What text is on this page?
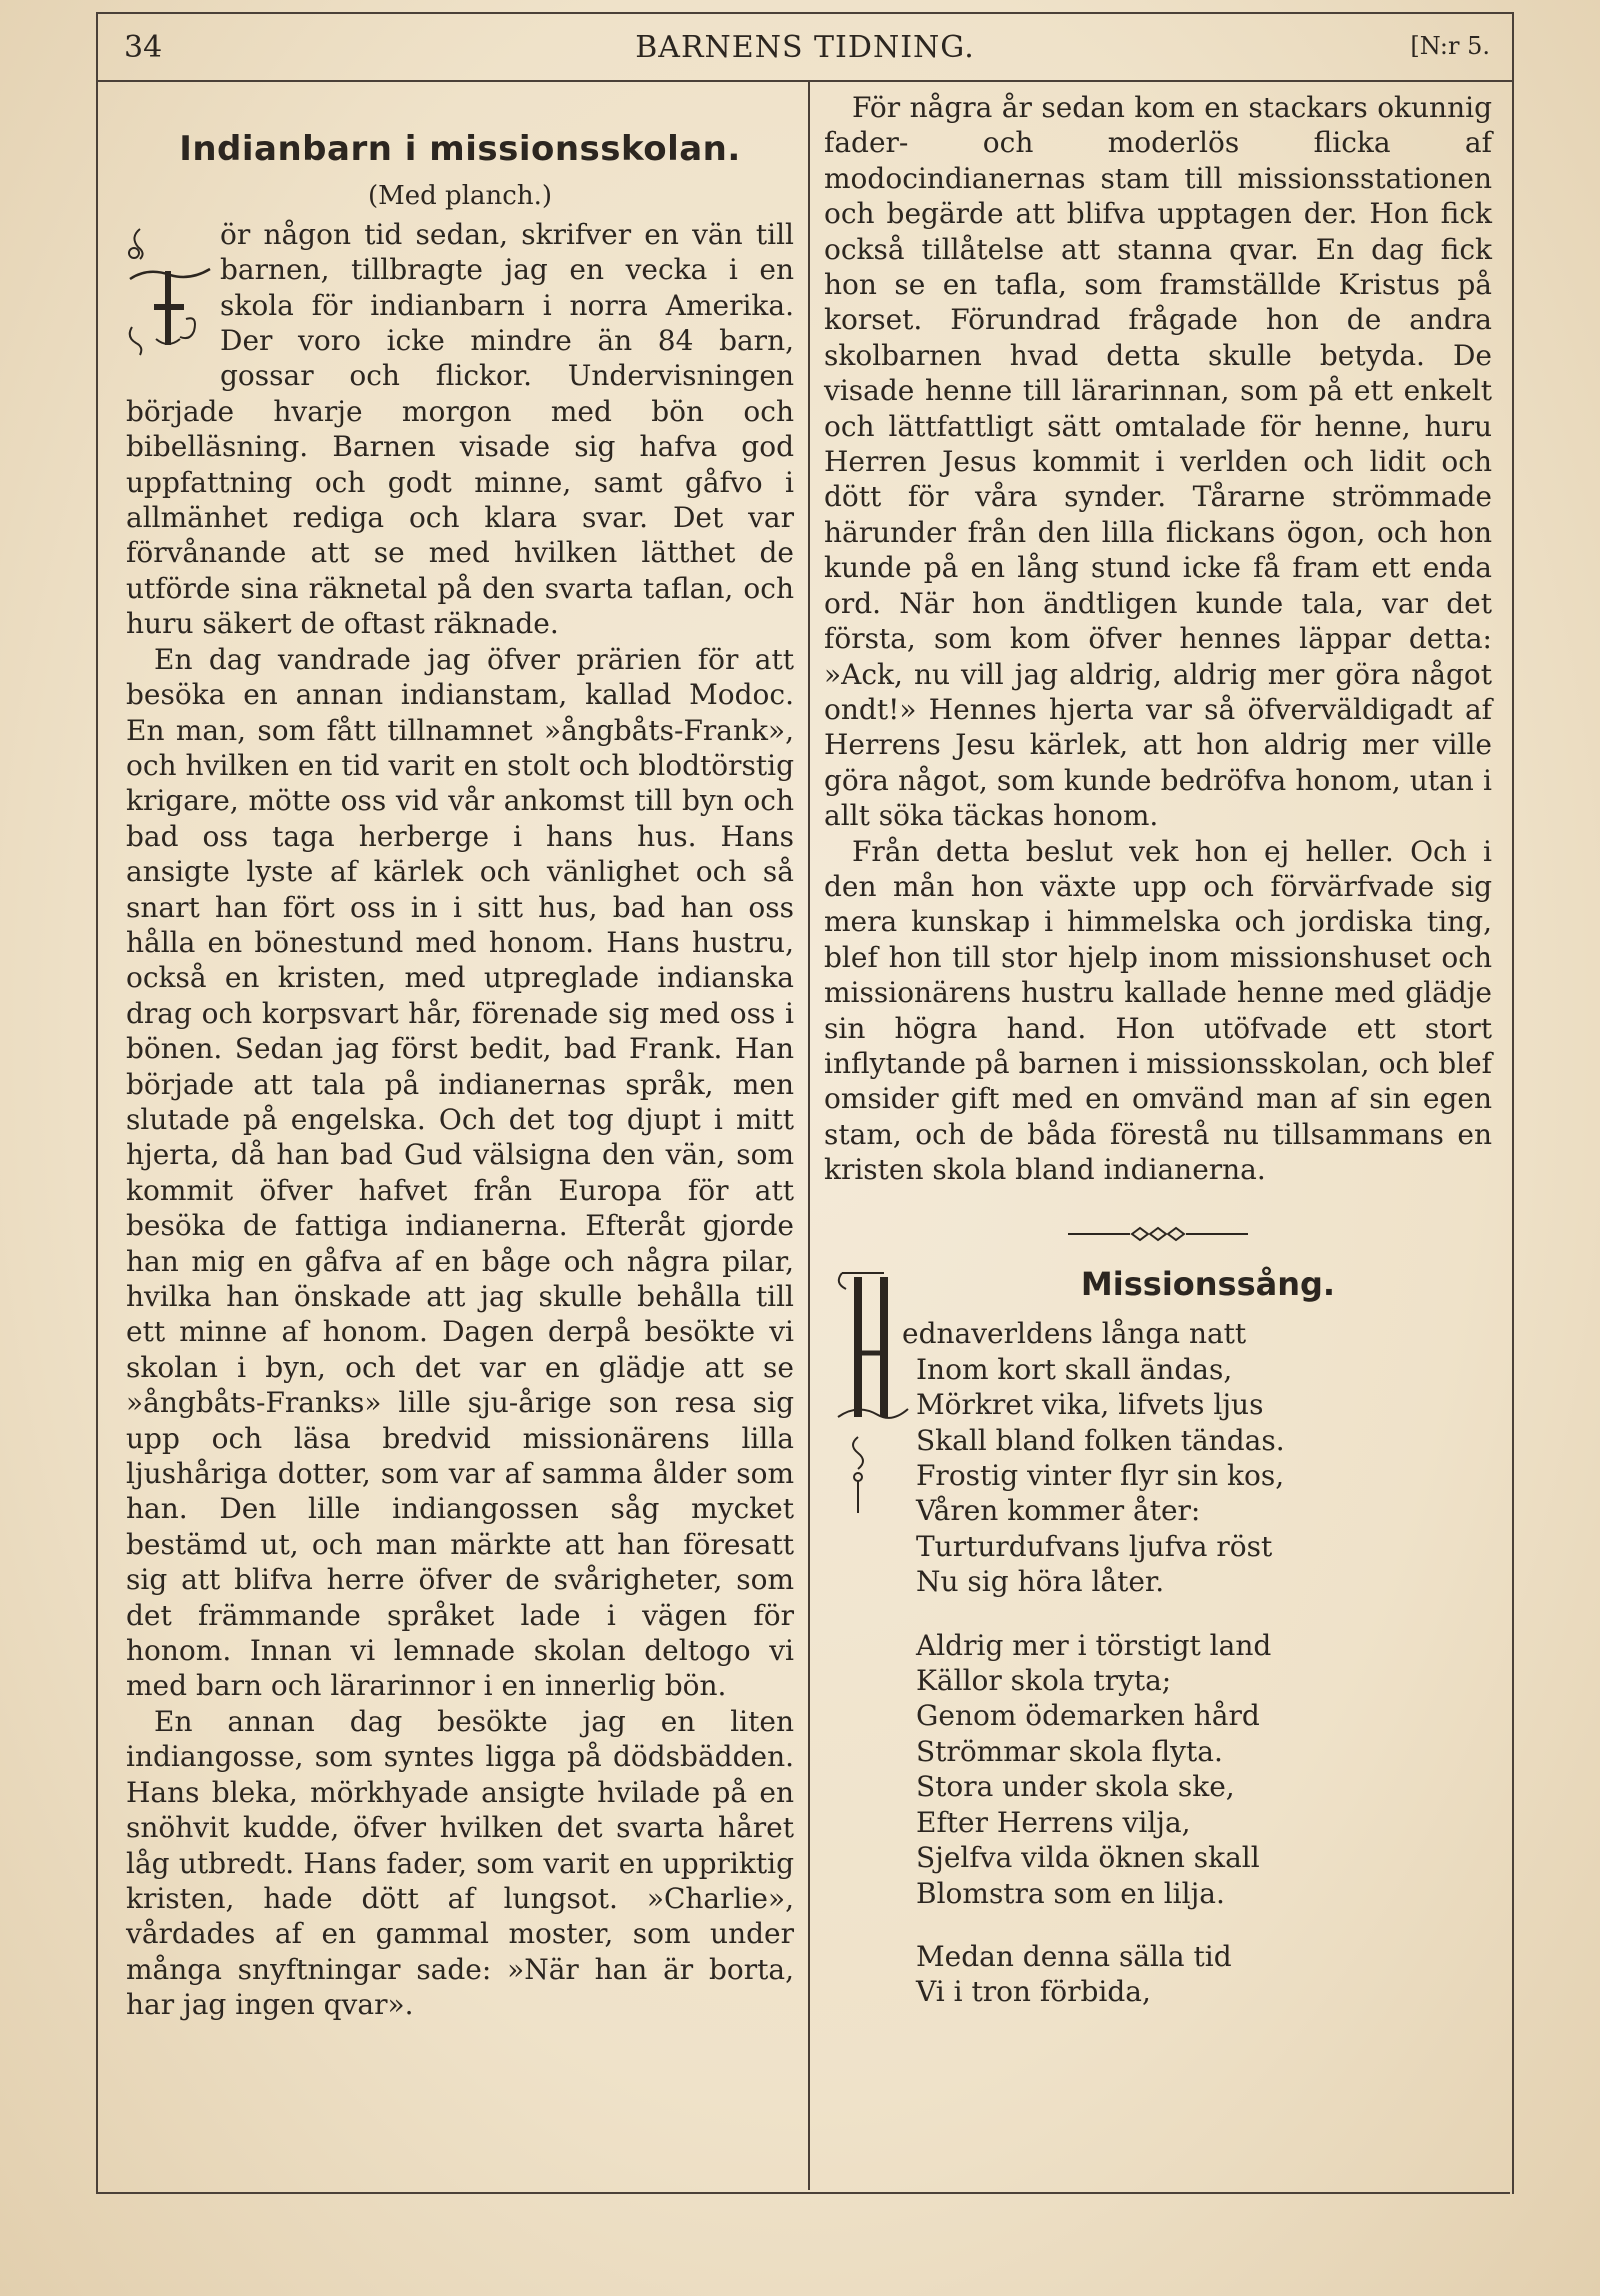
34	BARNENS TIDNING.	[N:r 5.
Indianbarn i missionsskolan.
(Med planch.)

ör någon tid sedan, skrifver en vän till barnen, tillbragte jag en vecka i en skola för indianbarn i norra Amerika. Der voro icke mindre än 84 barn, gossar och flickor. Undervisningen började hvarje morgon med bön och bibelläsning. Barnen visade sig hafva god uppfattning och godt minne, samt gåfvo i allmänhet rediga och klara svar. Det var förvånande att se med hvilken lätthet de utförde sina räknetal på den svarta taflan, och huru säkert de oftast räknade.

En dag vandrade jag öfver prärien för att besöka en annan indianstam, kallad Modoc. En man, som fått tillnamnet »ångbåts-Frank», och hvilken en tid varit en stolt och blodtörstig krigare, mötte oss vid vår ankomst till byn och bad oss taga herberge i hans hus. Hans ansigte lyste af kärlek och vänlighet och så snart han fört oss in i sitt hus, bad han oss hålla en bönestund med honom. Hans hustru, också en kristen, med utpreglade indianska drag och korpsvart hår, förenade sig med oss i bönen. Sedan jag först bedit, bad Frank. Han började att tala på indianernas språk, men slutade på engelska. Och det tog djupt i mitt hjerta, då han bad Gud välsigna den vän, som kommit öfver hafvet från Europa för att besöka de fattiga indianerna. Efteråt gjorde han mig en gåfva af en båge och några pilar, hvilka han önskade att jag skulle behålla till ett minne af honom. Dagen derpå besökte vi skolan i byn, och det var en glädje att se »ångbåts-Franks» lille sju-årige son resa sig upp och läsa bredvid missionärens lilla ljushåriga dotter, som var af samma ålder som han. Den lille indiangossen såg mycket bestämd ut, och man märkte att han föresatt sig att blifva herre öfver de svårigheter, som det främmande språket lade i vägen för honom. Innan vi lemnade skolan deltogo vi med barn och lärarinnor i en innerlig bön.

En annan dag besökte jag en liten indiangosse, som syntes ligga på dödsbädden. Hans bleka, mörkhyade ansigte hvilade på en snöhvit kudde, öfver hvilken det svarta håret låg utbredt. Hans fader, som varit en uppriktig kristen, hade dött af lungsot. »Charlie», vårdades af en gammal moster, som under många snyftningar sade: »När han är borta, har jag ingen qvar».

För några år sedan kom en stackars okunnig fader- och moderlös flicka af modocindianernas stam till missionsstationen och begärde att blifva upptagen der. Hon fick också tillåtelse att stanna qvar. En dag fick hon se en tafla, som framställde Kristus på korset. Förundrad frågade hon de andra skolbarnen hvad detta skulle betyda. De visade henne till lärarinnan, som på ett enkelt och lättfattligt sätt omtalade för henne, huru Herren Jesus kommit i verlden och lidit och dött för våra synder. Tårarne strömmade härunder från den lilla flickans ögon, och hon kunde på en lång stund icke få fram ett enda ord. När hon ändtligen kunde tala, var det första, som kom öfver hennes läppar detta: »Ack, nu vill jag aldrig, aldrig mer göra något ondt!» Hennes hjerta var så öfverväldigadt af Herrens Jesu kärlek, att hon aldrig mer ville göra något, som kunde bedröfva honom, utan i allt söka täckas honom.

Från detta beslut vek hon ej heller. Och i den mån hon växte upp och förvärfvade sig mera kunskap i himmelska och jordiska ting, blef hon till stor hjelp inom missionshuset och missionärens hustru kallade henne med glädje sin högra hand. Hon utöfvade ett stort inflytande på barnen i missionsskolan, och blef omsider gift med en omvänd man af sin egen stam, och de båda förestå nu tillsammans en kristen skola bland indianerna.

Missionssång.
ednaverldens långa natt
Inom kort skall ändas,
Mörkret vika, lifvets ljus
Skall bland folken tändas.
Frostig vinter flyr sin kos,
Våren kommer åter:
Turturdufvans ljufva röst
Nu sig höra låter.
Aldrig mer i törstigt land
Källor skola tryta;
Genom ödemarken hård
Strömmar skola flyta.
Stora under skola ske,
Efter Herrens vilja,
Sjelfva vilda öknen skall
Blomstra som en lilja.
Medan denna sälla tid
Vi i tron förbida,
